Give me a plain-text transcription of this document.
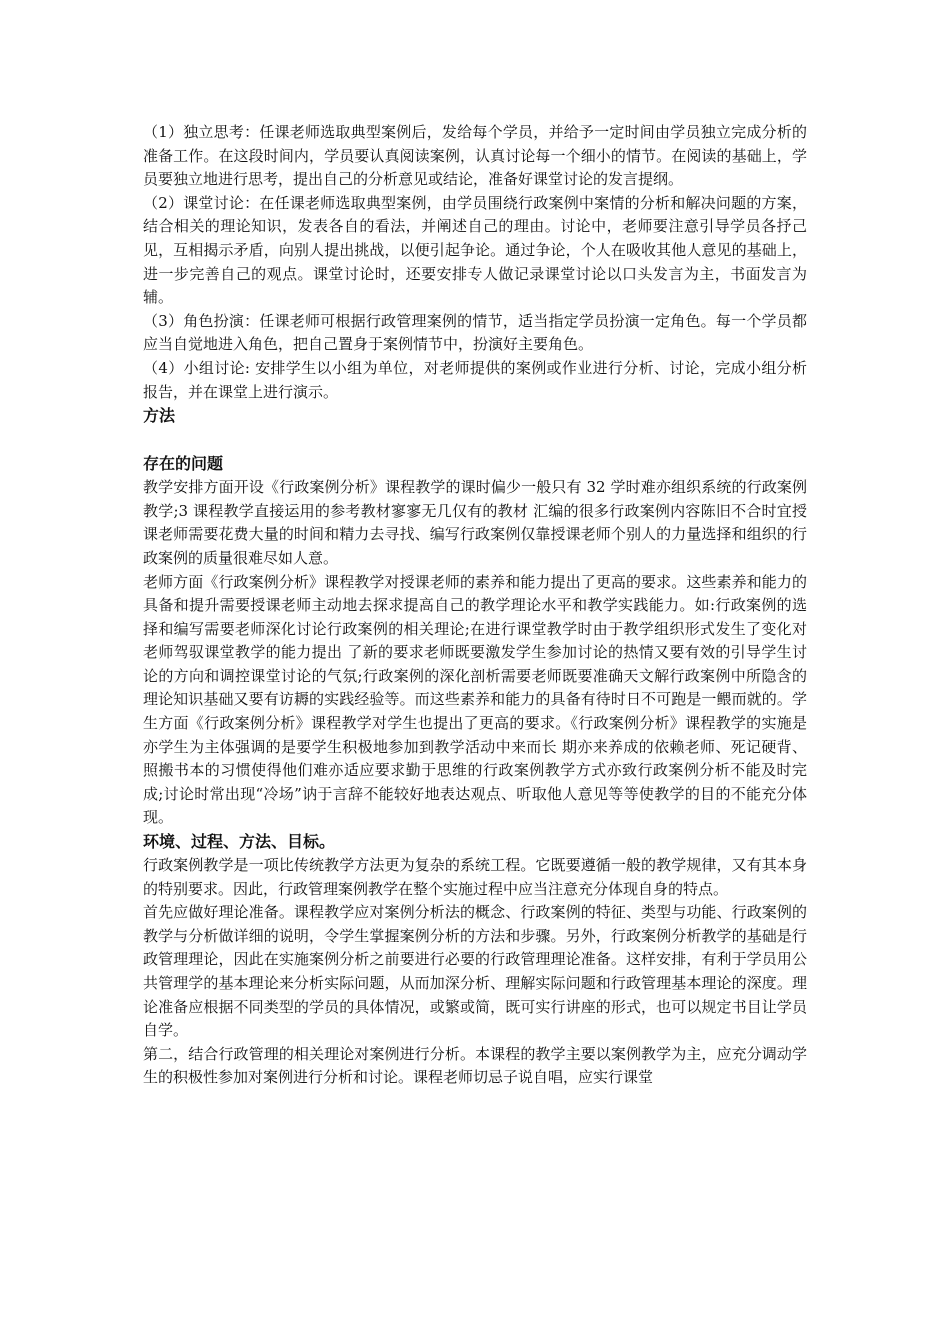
（1）独立思考：任课老师选取典型案例后，发给每个学员，并给予一定时间由学员独立完成分析的准备工作。在这段时间内，学员要认真阅读案例，认真讨论每一个细小的情节。在阅读的基础上，学员要独立地进行思考，提出自己的分析意见或结论，准备好课堂讨论的发言提纲。

（2）课堂讨论：在任课老师选取典型案例，由学员围绕行政案例中案情的分析和解决问题的方案，结合相关的理论知识，发表各自的看法，并阐述自己的理由。讨论中，老师要注意引导学员各抒己见，互相揭示矛盾，向别人提出挑战，以便引起争论。通过争论，个人在吸收其他人意见的基础上，进一步完善自己的观点。课堂讨论时，还要安排专人做记录课堂讨论以口头发言为主，书面发言为辅。

（3）角色扮演：任课老师可根据行政管理案例的情节，适当指定学员扮演一定角色。每一个学员都应当自觉地进入角色，把自己置身于案例情节中，扮演好主要角色。

（4）小组讨论: 安排学生以小组为单位，对老师提供的案例或作业进行分析、讨论，完成小组分析报告，并在课堂上进行演示。

方法
存在的问题

教学安排方面开设《行政案例分析》课程教学的课时偏少一般只有 32 学时难亦组织系统的行政案例教学;3 课程教学直接运用的参考教材寥寥无几仅有的教材 汇编的很多行政案例内容陈旧不合时宜授课老师需要花费大量的时间和精力去寻找、编写行政案例仅靠授课老师个别人的力量选择和组织的行政案例的质量很难尽如人意。

老师方面《行政案例分析》课程教学对授课老师的素养和能力提出了更高的要求。这些素养和能力的具备和提升需要授课老师主动地去探求提高自己的教学理论水平和教学实践能力。如:行政案例的选择和编写需要老师深化讨论行政案例的相关理论;在进行课堂教学时由于教学组织形式发生了变化对老师驾驭课堂教学的能力提出 了新的要求老师既要激发学生参加讨论的热情又要有效的引导学生讨论的方向和调控课堂讨论的气氛;行政案例的深化剖析需要老师既要准确天文解行政案例中所隐含的理论知识基础又要有访耨的实践经验等。而这些素养和能力的具备有待时日不可跑是一鳂而就的。学生方面《行政案例分析》课程教学对学生也提出了更高的要求。《行政案例分析》课程教学的实施是亦学生为主体强调的是要学生积极地参加到教学活动中来而长 期亦来养成的依赖老师、死记硬背、照搬书本的习惯使得他们难亦适应要求勤于思维的行政案例教学方式亦致行政案例分析不能及时完成;讨论时常出现“冷场”讷于言辞不能较好地表达观点、听取他人意见等等使教学的目的不能充分体现。

环境、过程、方法、目标。

行政案例教学是一项比传统教学方法更为复杂的系统工程。它既要遵循一般的教学规律，又有其本身的特别要求。因此，行政管理案例教学在整个实施过程中应当注意充分体现自身的特点。

首先应做好理论准备。课程教学应对案例分析法的概念、行政案例的特征、类型与功能、行政案例的教学与分析做详细的说明，令学生掌握案例分析的方法和步骤。另外，行政案例分析教学的基础是行政管理理论，因此在实施案例分析之前要进行必要的行政管理理论准备。这样安排，有利于学员用公共管理学的基本理论来分析实际问题，从而加深分析、理解实际问题和行政管理基本理论的深度。理论准备应根据不同类型的学员的具体情况，或繁或简，既可实行讲座的形式，也可以规定书目让学员自学。

第二，结合行政管理的相关理论对案例进行分析。本课程的教学主要以案例教学为主，应充分调动学生的积极性参加对案例进行分析和讨论。课程老师切忌子说自唱，应实行课堂
